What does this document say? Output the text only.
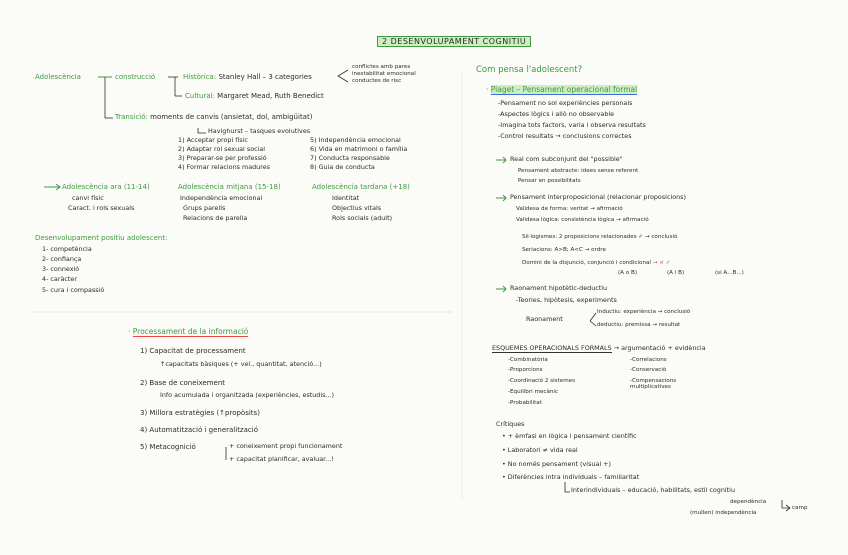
2 DESENVOLUPAMENT COGNITIU
Adolescència	construcció	Històrica: Stanley Hall – 3 categories
conflictes amb pares
inestabilitat emocional
conductes de risc
Cultural: Margaret Mead, Ruth Benedict
Transició: moments de canvis (ansietat, dol, ambigüitat)
Havighurst – tasques evolutives
1) Acceptar propi físic
2) Adaptar rol sexual social
3) Preparar-se per professió
4) Formar relacions madures
5) Independència emocional
6) Vida en matrimoni o família
7) Conducta responsable
8) Guia de conducta
Adolescència ara (11-14)
canvi físic
Caract. i rols sexuals
Adolescència mitjana (15-18)
Independència emocional
Grups parells
Relacions de parella
Adolescència tardana (+18)
Identitat
Objectius vitals
Rols socials (adult)
Desenvolupament positiu adolescent:
1- competència
2- confiança
3- connexió
4- caràcter
5- cura i compassió
· Processament de la informació
1) Capacitat de processament
↑capacitats bàsiques (+ vel., quantitat, atenció...)
2) Base de coneixement
Info acumulada i organitzada (experiències, estudis...)
3) Millora estratègies (↑propòsits)
4) Automatització i generalització
5) Metacognició	+ coneixement propi funcionament
+ capacitat planificar, avaluar...!
Com pensa l'adolescent?
· Piaget – Pensament operacional formal
-Pensament no sol experiències personals
-Aspectes lògics i allò no observable
-Imagina tots factors, varia i observa resultats
-Control resultats → conclusions correctes
Real com subconjunt del "possible"
Pensament abstracte: idees sense referent
Pensar en possibilitats
Pensament interproposicional (relacionar proposicions)
Validesa de forma: veritat → afirmació
Validesa lògica: consistència lògica → afirmació
Sil·logismes: 2 proposicions relacionades ✓ → conclusió
Seriacions: A>B; A<C → ordre
Domini de la disjunció, conjunció i condicional → × ✓
(A o B)	(A i B)	(si A...B...)
Raonament hipotètic-deductiu
-Teories, hipòtesis, experiments
Raonament
Inductiu: experiència → conclusió
deductiu: premissa → resultat
ESQUEMES OPERACIONALS FORMALS → argumentació + evidència
-Combinatòria
-Proporcions
-Coordinació 2 sistemes
-Equilibri mecànic
-Probabilitat
-Correlacions
-Conservació
-Compensacions multiplicatives
Crítiques
• + èmfasi en lògica i pensament científic
• Laboratori ≠ vida real
• No només pensament (visual +)
• Diferències intra individuals – familiaritat
Interindividuals – educació, habilitats, estil cognitiu
dependència
(mullen) independència
camp
